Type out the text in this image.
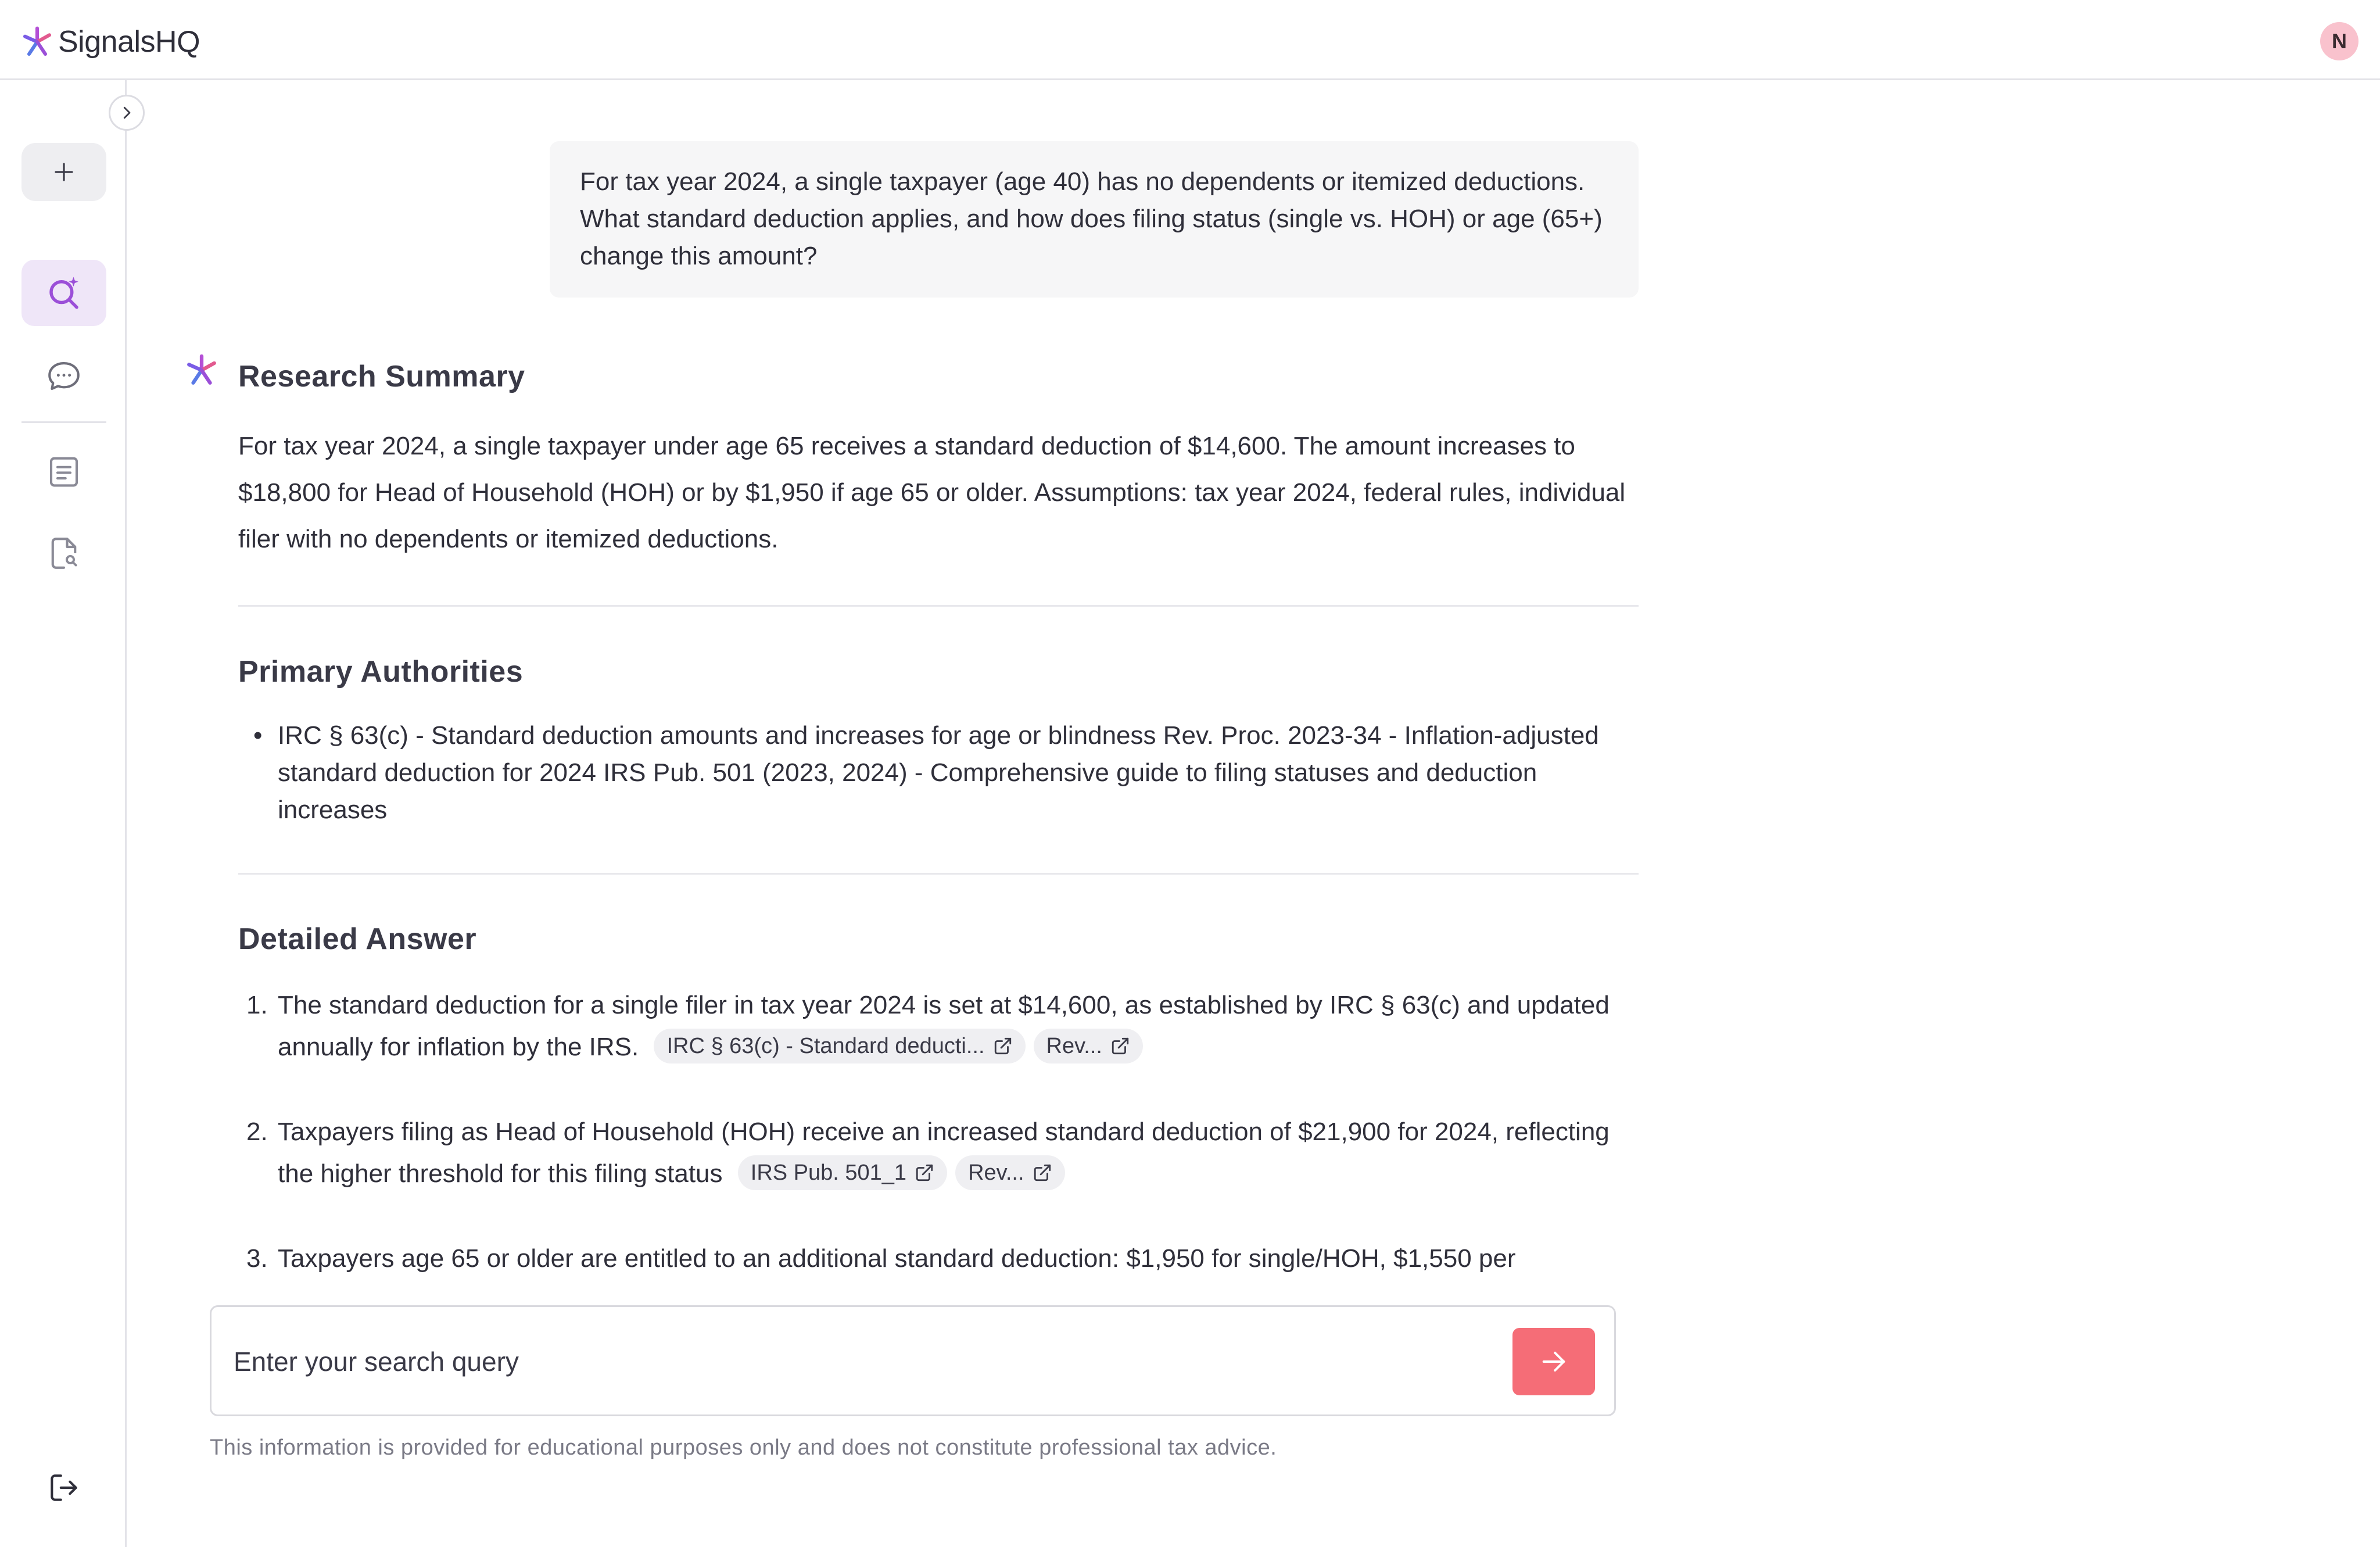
SignalsHQ	N
For tax year 2024, a single taxpayer (age 40) has no dependents or itemized deductions. What standard deduction applies, and how does filing status (single vs. HOH) or age (65+) change this amount?
Research Summary
For tax year 2024, a single taxpayer under age 65 receives a standard deduction of $14,600. The amount increases to $18,800 for Head of Household (HOH) or by $1,950 if age 65 or older. Assumptions: tax year 2024, federal rules, individual filer with no dependents or itemized deductions.
Primary Authorities
• IRC § 63(c) - Standard deduction amounts and increases for age or blindness Rev. Proc. 2023-34 - Inflation-adjusted standard deduction for 2024 IRS Pub. 501 (2023, 2024) - Comprehensive guide to filing statuses and deduction increases
Detailed Answer
1. The standard deduction for a single filer in tax year 2024 is set at $14,600, as established by IRC § 63(c) and updated annually for inflation by the IRS. IRC § 63(c) - Standard deducti...	Rev...
2. Taxpayers filing as Head of Household (HOH) receive an increased standard deduction of $21,900 for 2024, reflecting the higher threshold for this filing status IRS Pub. 501_1	Rev...
3. Taxpayers age 65 or older are entitled to an additional standard deduction: $1,950 for single/HOH, $1,550 per
Enter your search query
This information is provided for educational purposes only and does not constitute professional tax advice.
